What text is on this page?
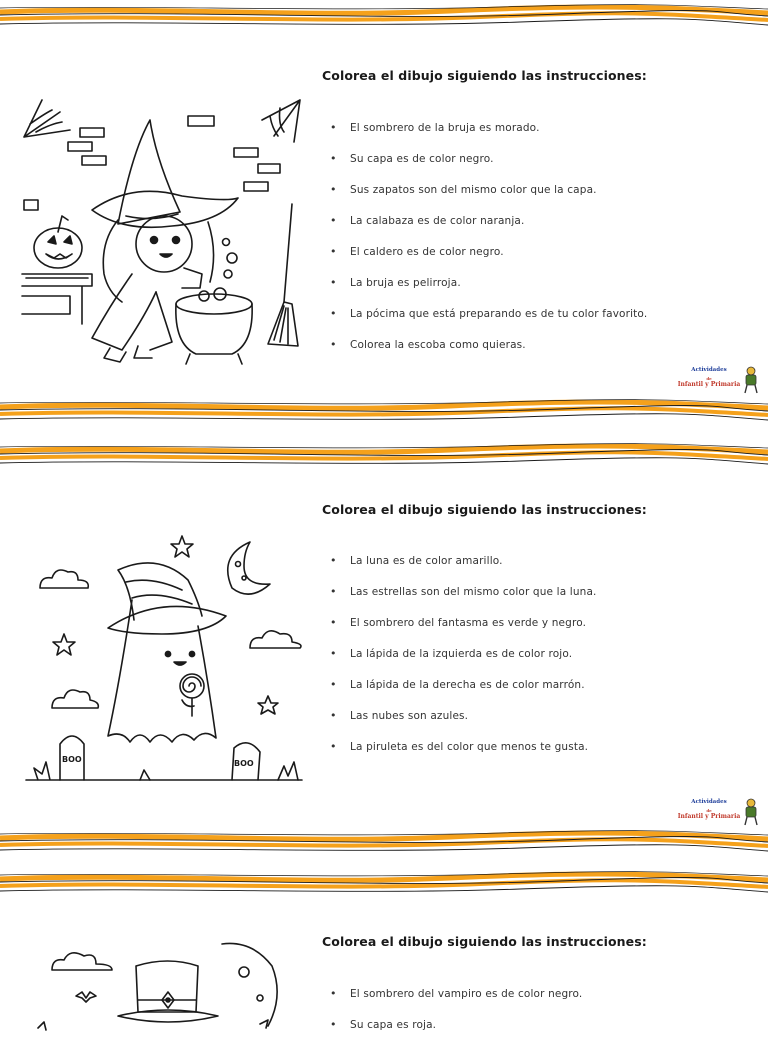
Colorea el dibujo siguiendo las instrucciones:
• El sombrero de la bruja es morado.
• Su capa es de color negro.
• Sus zapatos son del mismo color que la capa.
• La calabaza es de color naranja.
• El caldero es de color negro.
• La bruja es pelirroja.
• La pócima que está preparando es de tu color favorito.
• Colorea la escoba como quieras.
Actividades
de
Infantil y Primaria
BOO	BOO
Colorea el dibujo siguiendo las instrucciones:
• La luna es de color amarillo.
• Las estrellas son del mismo color que la luna.
• El sombrero del fantasma es verde y negro.
• La lápida de la izquierda es de color rojo.
• La lápida de la derecha es de color marrón.
• Las nubes son azules.
• La piruleta es del color que menos te gusta.
Actividades
de
Infantil y Primaria
Colorea el dibujo siguiendo las instrucciones:
• El sombrero del vampiro es de color negro.
• Su capa es roja.
